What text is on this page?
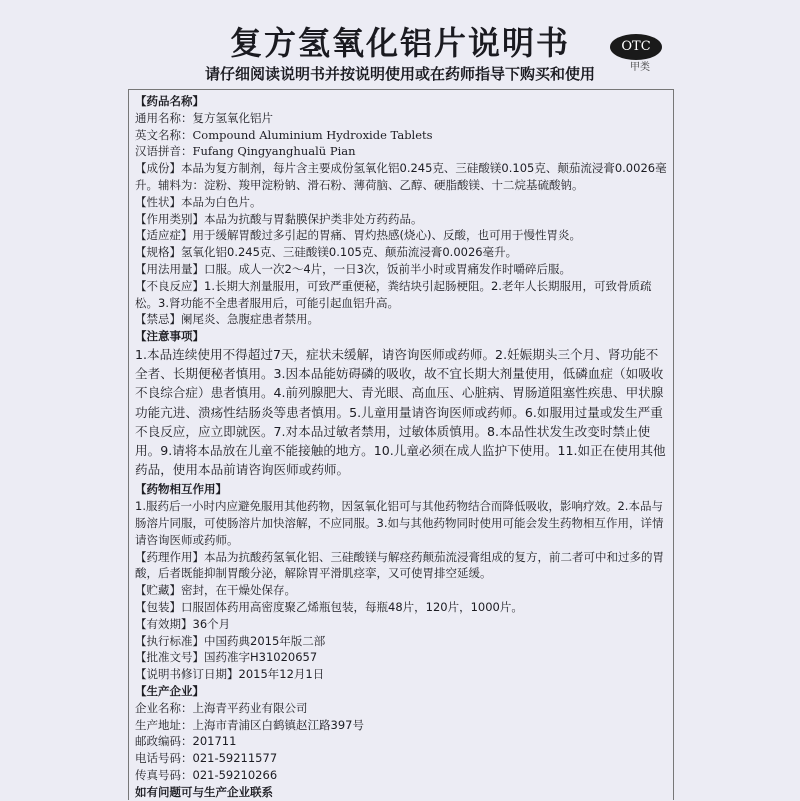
复方氢氧化铝片说明书	OTC
甲类
请仔细阅读说明书并按说明使用或在药师指导下购买和使用
【药品名称】
通用名称：复方氢氧化铝片
英文名称：Compound Aluminium Hydroxide Tablets
汉语拼音：Fufang Qingyanghualü Pian
【成份】本品为复方制剂，每片含主要成份氢氧化铝0.245克、三硅酸镁0.105克、颠茄流浸膏0.0026毫升。辅料为：淀粉、羧甲淀粉钠、滑石粉、薄荷脑、乙醇、硬脂酸镁、十二烷基硫酸钠。
【性状】本品为白色片。
【作用类别】本品为抗酸与胃黏膜保护类非处方药药品。
【适应症】用于缓解胃酸过多引起的胃痛、胃灼热感(烧心)、反酸，也可用于慢性胃炎。
【规格】氢氧化铝0.245克、三硅酸镁0.105克、颠茄流浸膏0.0026毫升。
【用法用量】口服。成人一次2～4片，一日3次，饭前半小时或胃痛发作时嚼碎后服。
【不良反应】1.长期大剂量服用，可致严重便秘，粪结块引起肠梗阻。2.老年人长期服用，可致骨质疏松。3.肾功能不全患者服用后，可能引起血铝升高。
【禁忌】阑尾炎、急腹症患者禁用。
【注意事项】
1.本品连续使用不得超过7天，症状未缓解，请咨询医师或药师。2.妊娠期头三个月、肾功能不全者、长期便秘者慎用。3.因本品能妨碍磷的吸收，故不宜长期大剂量使用，低磷血症（如吸收不良综合症）患者慎用。4.前列腺肥大、青光眼、高血压、心脏病、胃肠道阻塞性疾患、甲状腺功能亢进、溃疡性结肠炎等患者慎用。5.儿童用量请咨询医师或药师。6.如服用过量或发生严重不良反应，应立即就医。7.对本品过敏者禁用，过敏体质慎用。8.本品性状发生改变时禁止使用。9.请将本品放在儿童不能接触的地方。10.儿童必须在成人监护下使用。11.如正在使用其他药品，使用本品前请咨询医师或药师。
【药物相互作用】
1.服药后一小时内应避免服用其他药物，因氢氧化铝可与其他药物结合而降低吸收，影响疗效。2.本品与肠溶片同服，可使肠溶片加快溶解，不应同服。3.如与其他药物同时使用可能会发生药物相互作用，详情请咨询医师或药师。
【药理作用】本品为抗酸药氢氧化铝、三硅酸镁与解痉药颠茄流浸膏组成的复方，前二者可中和过多的胃酸，后者既能抑制胃酸分泌，解除胃平滑肌痉挛，又可使胃排空延缓。
【贮藏】密封，在干燥处保存。
【包装】口服固体药用高密度聚乙烯瓶包装，每瓶48片，120片，1000片。
【有效期】36个月
【执行标准】中国药典2015年版二部
【批准文号】国药准字H31020657
【说明书修订日期】2015年12月1日
【生产企业】
企业名称：上海青平药业有限公司
生产地址：上海市青浦区白鹤镇赵江路397号
邮政编码：201711
电话号码：021-59211577
传真号码：021-59210266
如有问题可与生产企业联系
